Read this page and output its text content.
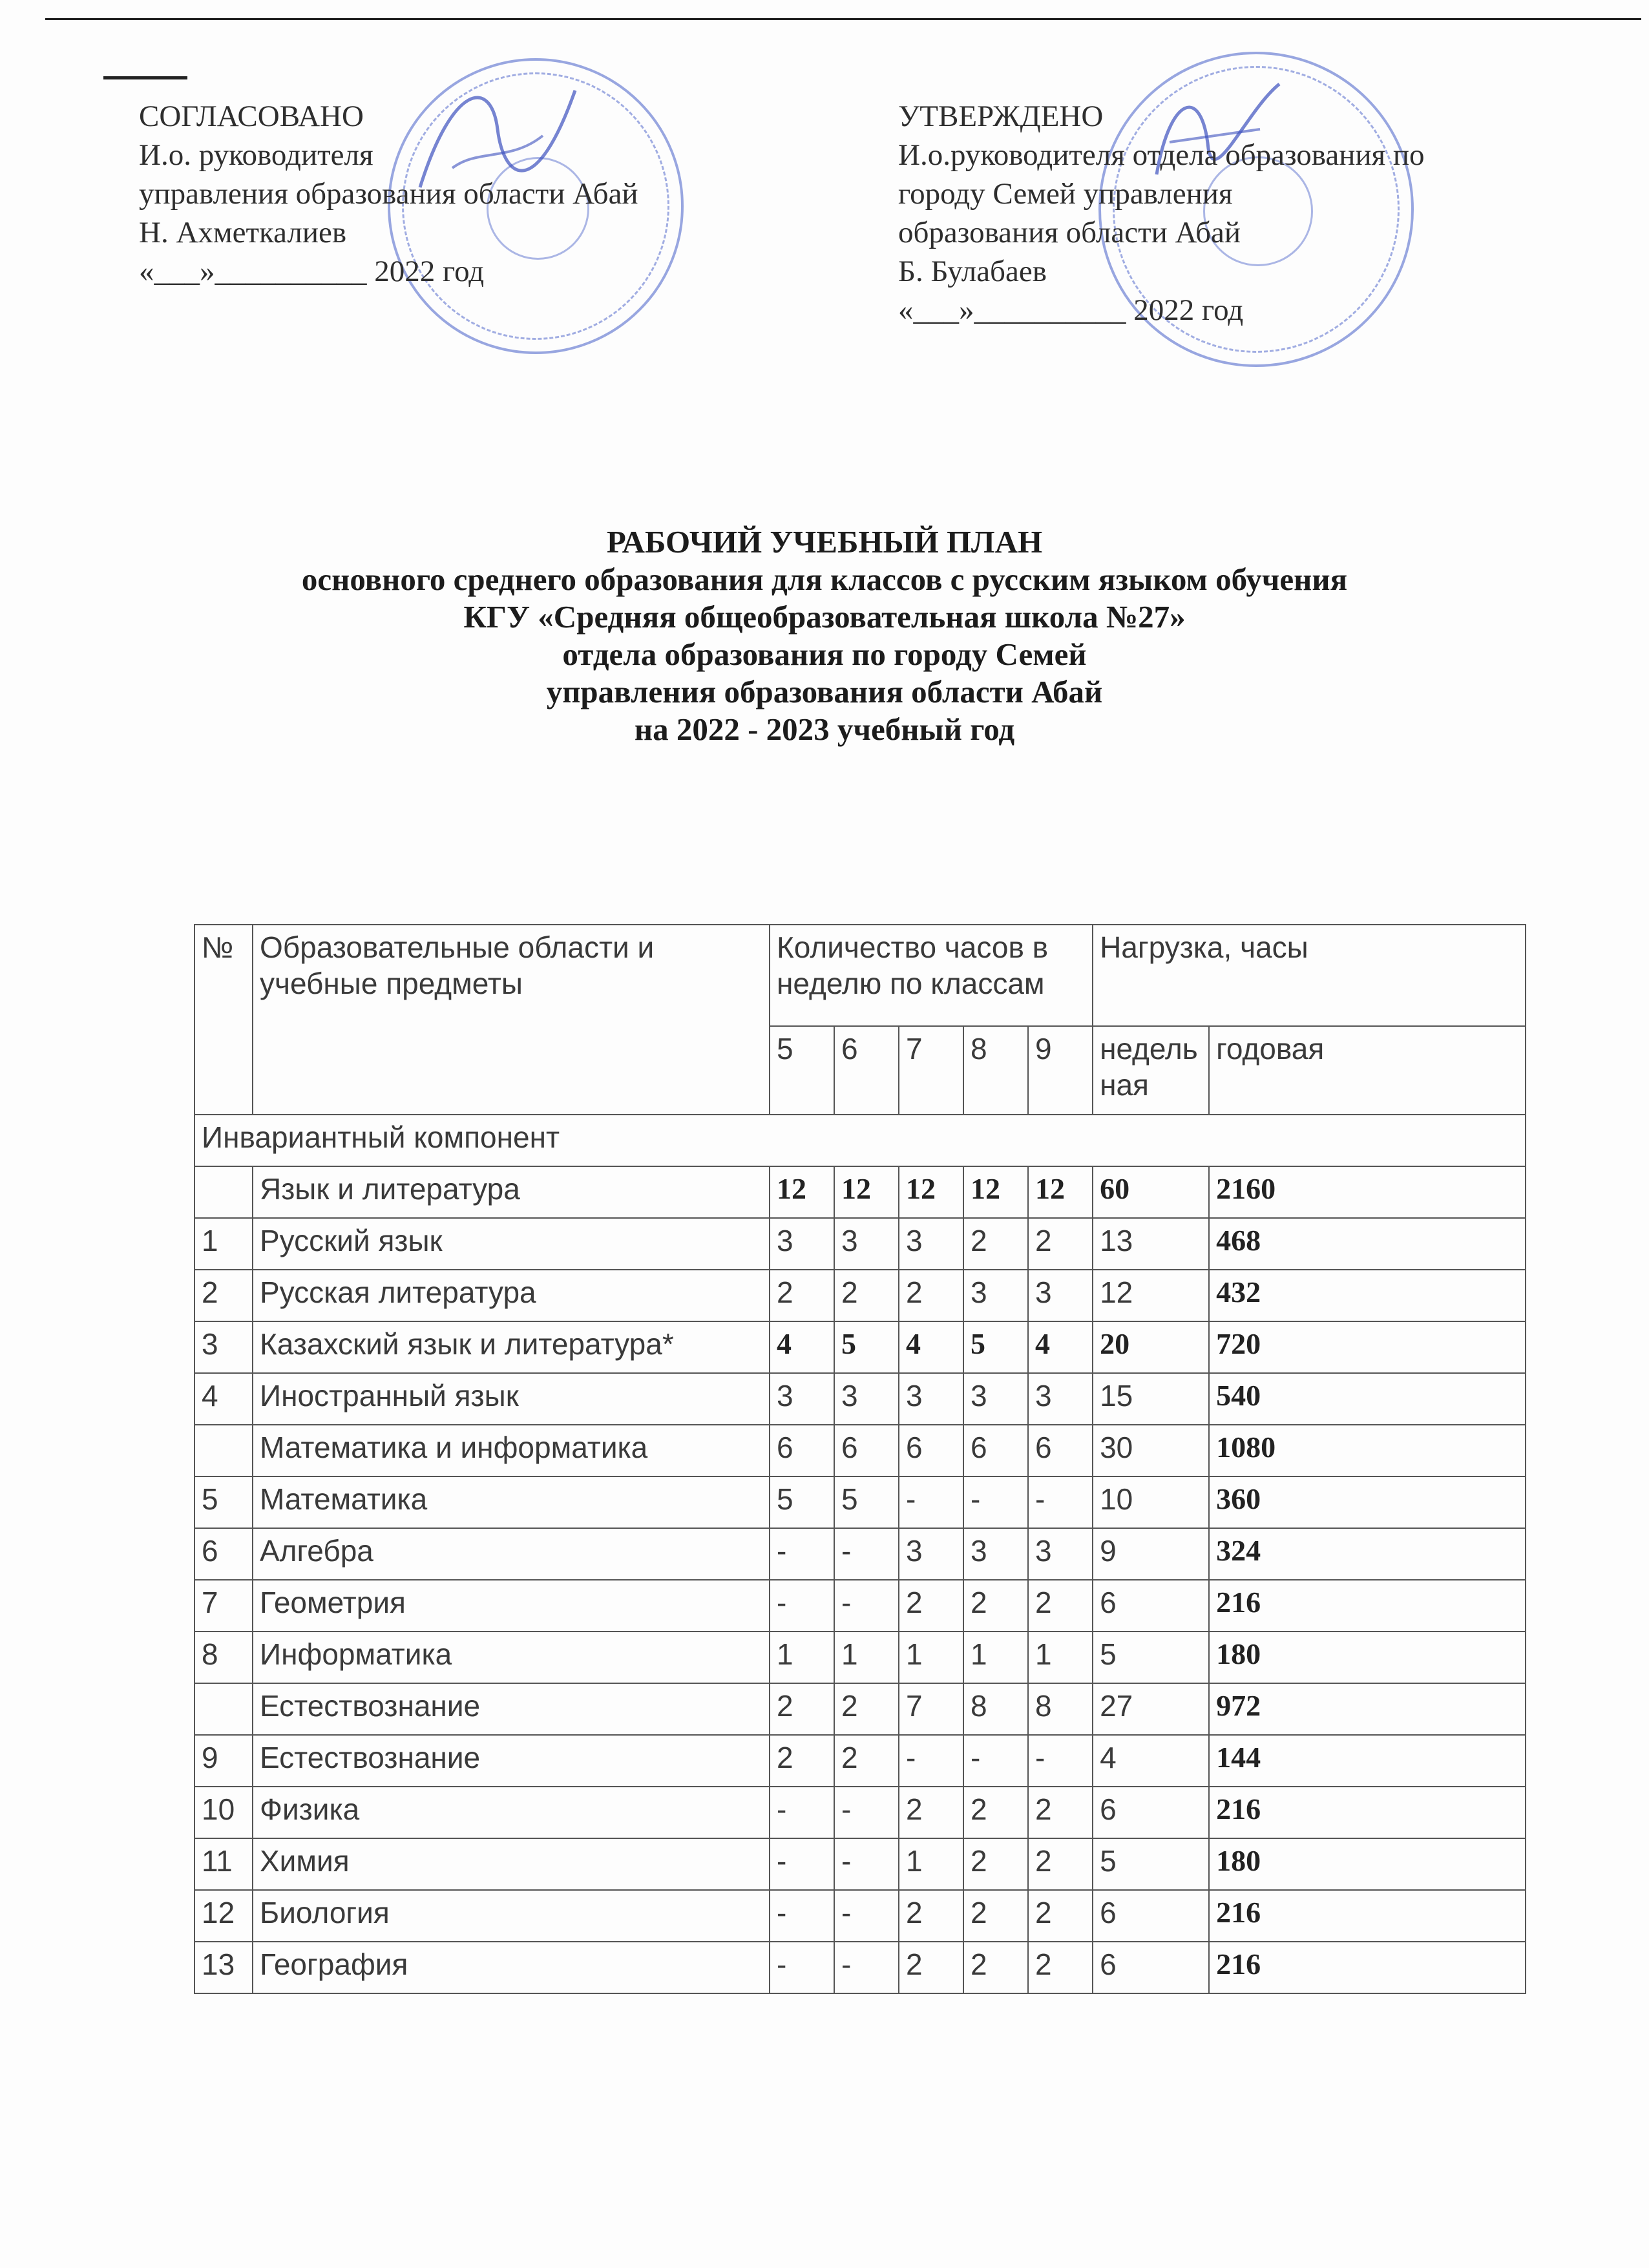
СОГЛАСОВАНО
И.о. руководителя
управления образования области Абай
Н. Ахметкалиев
«___»__________ 2022 год
УТВЕРЖДЕНО
И.о.руководителя отдела образования по
городу Семей управления
образования области Абай
Б. Булабаев
«___»__________ 2022 год
РАБОЧИЙ УЧЕБНЫЙ ПЛАН
основного среднего образования для классов с русским языком обучения
КГУ «Средняя общеобразовательная школа №27»
отдела образования по городу Семей
управления образования области Абай
на 2022 - 2023 учебный год
№	Образовательные области и учебные предметы	Количество часов в неделю по классам					Нагрузка, часы	
		5	6	7	8	9	недель ная	годовая
Инвариантный компонент								
	Язык и литература	12	12	12	12	12	60	2160
1	Русский язык	3	3	3	2	2	13	468
2	Русская литература	2	2	2	3	3	12	432
3	Казахский язык и литература*	4	5	4	5	4	20	720
4	Иностранный язык	3	3	3	3	3	15	540
	Математика и информатика	6	6	6	6	6	30	1080
5	Математика	5	5	-	-	-	10	360
6	Алгебра	-	-	3	3	3	9	324
7	Геометрия	-	-	2	2	2	6	216
8	Информатика	1	1	1	1	1	5	180
	Естествознание	2	2	7	8	8	27	972
9	Естествознание	2	2	-	-	-	4	144
10	Физика	-	-	2	2	2	6	216
11	Химия	-	-	1	2	2	5	180
12	Биология	-	-	2	2	2	6	216
13	География	-	-	2	2	2	6	216
